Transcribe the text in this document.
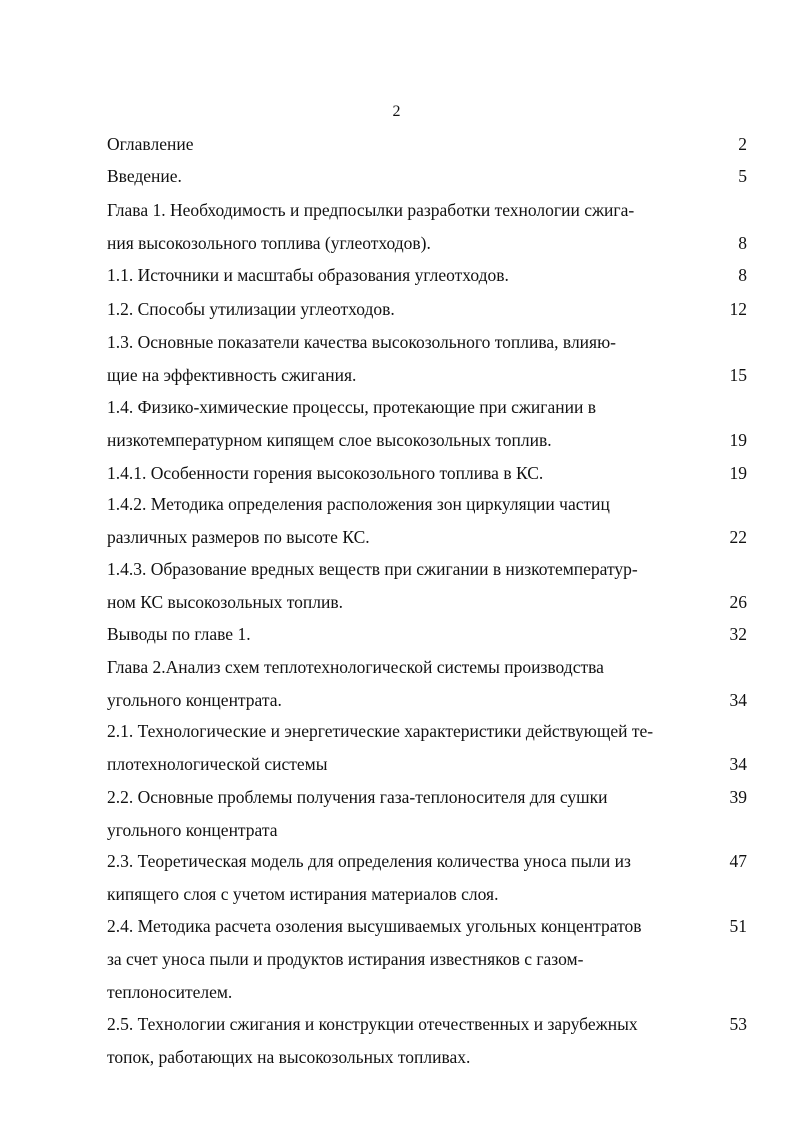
2
Оглавление	2
Введение.	5
Глава 1. Необходимость и предпосылки разработки технологии сжига-
ния высокозольного топлива (углеотходов).	8
1.1. Источники и масштабы образования углеотходов.	8
1.2. Способы утилизации углеотходов.	12
1.3. Основные показатели качества высокозольного топлива, влияю-
щие на эффективность сжигания.	15
1.4. Физико-химические процессы, протекающие при сжигании в
низкотемпературном кипящем слое высокозольных топлив.	19
1.4.1. Особенности горения высокозольного топлива в КС.	19
1.4.2. Методика определения расположения зон циркуляции частиц
различных размеров по высоте КС.	22
1.4.3. Образование вредных веществ при сжигании в низкотемператур-
ном КС высокозольных топлив.	26
Выводы по главе 1.	32
Глава 2.Анализ схем теплотехнологической системы производства
угольного концентрата.	34
2.1. Технологические и энергетические характеристики действующей те-
плотехнологической системы	34
2.2. Основные проблемы получения газа-теплоносителя для сушки	39
угольного концентрата
2.3. Теоретическая модель для определения количества уноса пыли из	47
кипящего слоя с учетом истирания материалов слоя.
2.4. Методика расчета озоления высушиваемых угольных концентратов	51
за счет уноса пыли и продуктов истирания известняков с газом-
теплоносителем.
2.5. Технологии сжигания и конструкции отечественных и зарубежных	53
топок, работающих на высокозольных топливах.
